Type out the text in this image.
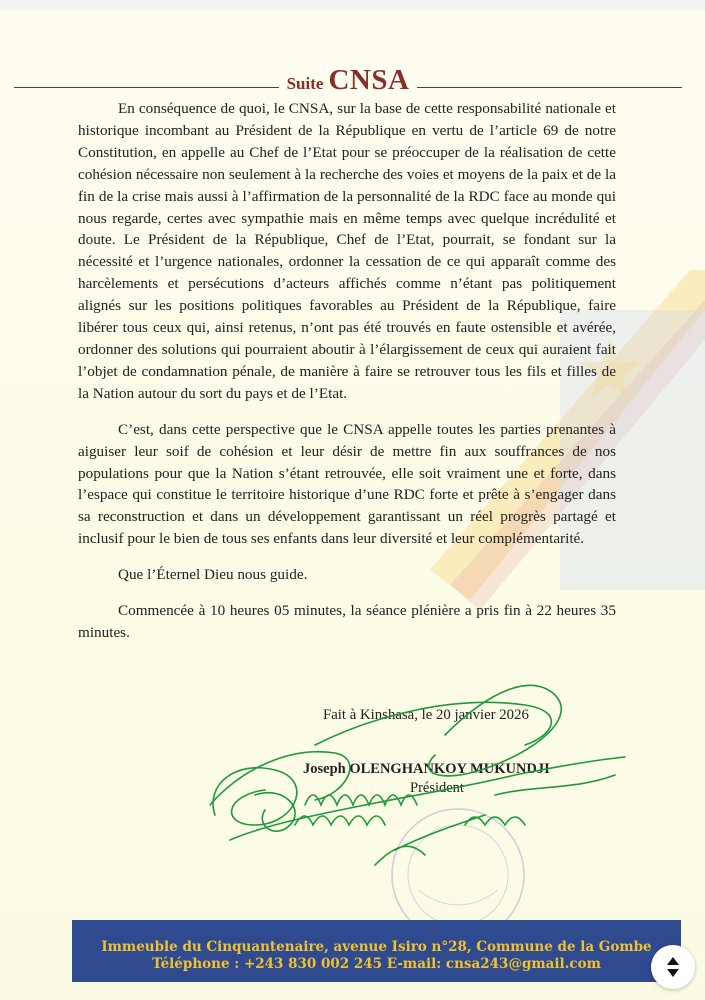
Suite CNSA

En conséquence de quoi, le CNSA, sur la base de cette responsabilité nationale et historique incombant au Président de la République en vertu de l’article 69 de notre Constitution, en appelle au Chef de l’Etat pour se préoccuper de la réalisation de cette cohésion nécessaire non seulement à la recherche des voies et moyens de la paix et de la fin de la crise mais aussi à l’affirmation de la personnalité de la RDC face au monde qui nous regarde, certes avec sympathie mais en même temps avec quelque incrédulité et doute. Le Président de la République, Chef de l’Etat, pourrait, se fondant sur la nécessité et l’urgence nationales, ordonner la cessation de ce qui apparaît comme des harcèlements et persécutions d’acteurs affichés comme n’étant pas politiquement alignés sur les positions politiques favorables au Président de la République, faire libérer tous ceux qui, ainsi retenus, n’ont pas été trouvés en faute ostensible et avérée, ordonner des solutions qui pourraient aboutir à l’élargissement de ceux qui auraient fait l’objet de condamnation pénale, de manière à faire se retrouver tous les fils et filles de la Nation autour du sort du pays et de l’Etat.

C’est, dans cette perspective que le CNSA appelle toutes les parties prenantes à aiguiser leur soif de cohésion et leur désir de mettre fin aux souffrances de nos populations pour que la Nation s’étant retrouvée, elle soit vraiment une et forte, dans l’espace qui constitue le territoire historique d’une RDC forte et prête à s’engager dans sa reconstruction et dans un développement garantissant un réel progrès partagé et inclusif pour le bien de tous ses enfants dans leur diversité et leur complémentarité.

Que l’Éternel Dieu nous guide.

Commencée à 10 heures 05 minutes, la séance plénière a pris fin à 22 heures 35 minutes.

Fait à Kinshasa, le 20 janvier 2026
Joseph OLENGHANKOY MUKUNDJI
Président
Immeuble du Cinquantenaire, avenue Isiro n°28, Commune de la Gombe
Téléphone : +243 830 002 245 E-mail: cnsa243@gmail.com
